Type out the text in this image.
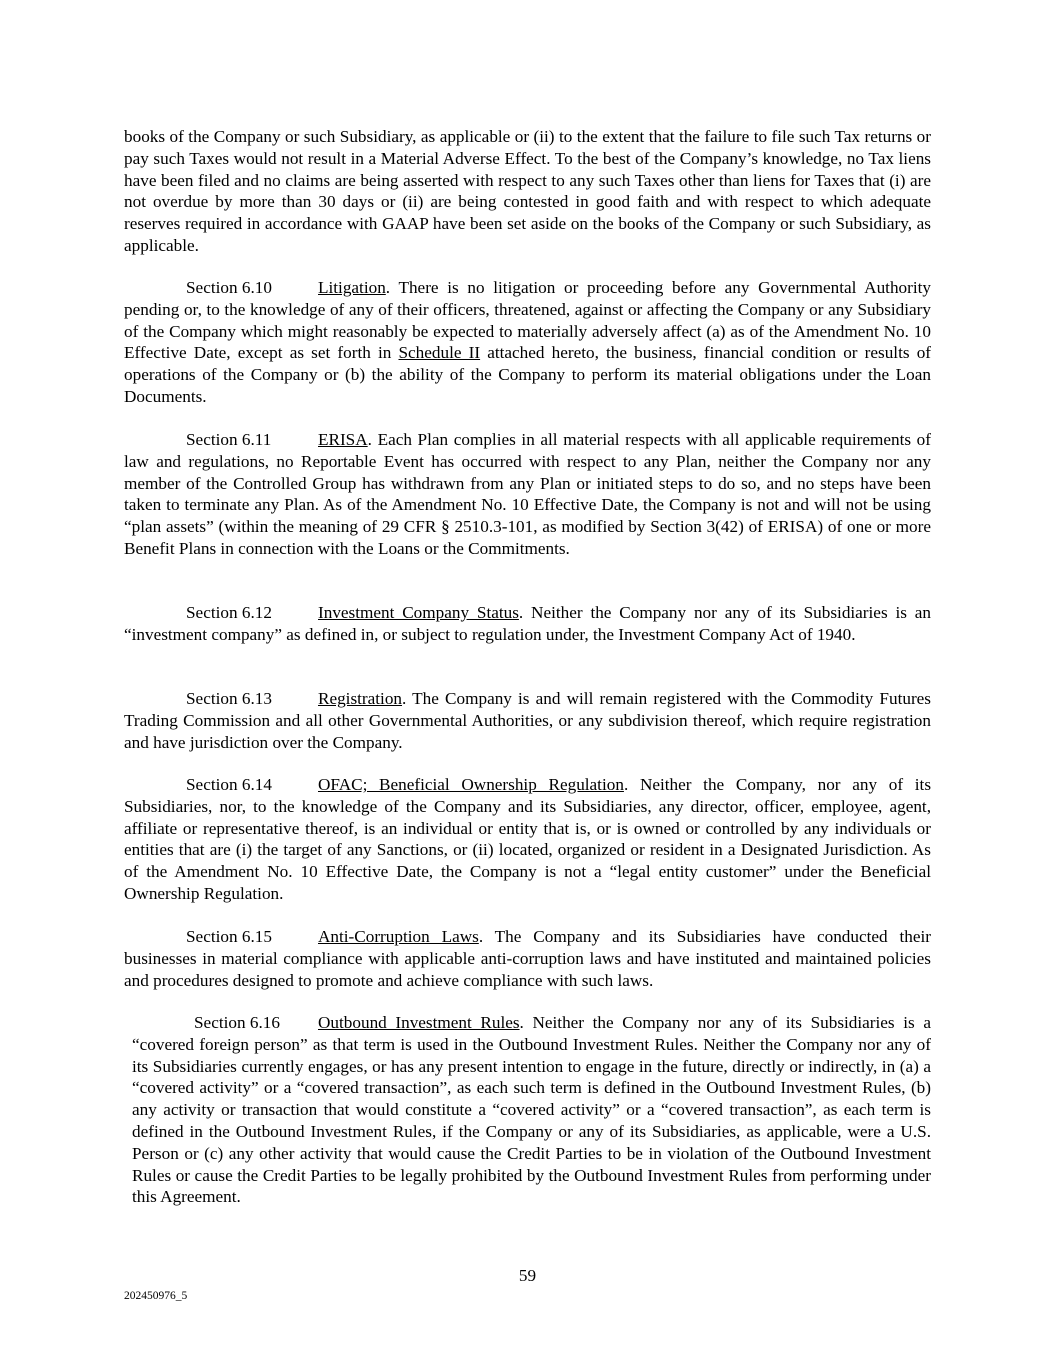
books of the Company or such Subsidiary, as applicable or (ii) to the extent that the failure to file such Tax returns or pay such Taxes would not result in a Material Adverse Effect. To the best of the Company’s knowledge, no Tax liens have been filed and no claims are being asserted with respect to any such Taxes other than liens for Taxes that (i) are not overdue by more than 30 days or (ii) are being contested in good faith and with respect to which adequate reserves required in accordance with GAAP have been set aside on the books of the Company or such Subsidiary, as applicable.

Section 6.10	Litigation. There is no litigation or proceeding before any Governmental Authority pending or, to the knowledge of any of their officers, threatened, against or affecting the Company or any Subsidiary of the Company which might reasonably be expected to materially adversely affect (a) as of the Amendment No. 10 Effective Date, except as set forth in Schedule II attached hereto, the business, financial condition or results of operations of the Company or (b) the ability of the Company to perform its material obligations under the Loan Documents.

Section 6.11	ERISA. Each Plan complies in all material respects with all applicable requirements of law and regulations, no Reportable Event has occurred with respect to any Plan, neither the Company nor any member of the Controlled Group has withdrawn from any Plan or initiated steps to do so, and no steps have been taken to terminate any Plan. As of the Amendment No. 10 Effective Date, the Company is not and will not be using “plan assets” (within the meaning of 29 CFR § 2510.3-101, as modified by Section 3(42) of ERISA) of one or more Benefit Plans in connection with the Loans or the Commitments.

Section 6.12	Investment Company Status. Neither the Company nor any of its Subsidiaries is an “investment company” as defined in, or subject to regulation under, the Investment Company Act of 1940.

Section 6.13	Registration. The Company is and will remain registered with the Commodity Futures Trading Commission and all other Governmental Authorities, or any subdivision thereof, which require registration and have jurisdiction over the Company.

Section 6.14	OFAC; Beneficial Ownership Regulation. Neither the Company, nor any of its Subsidiaries, nor, to the knowledge of the Company and its Subsidiaries, any director, officer, employee, agent, affiliate or representative thereof, is an individual or entity that is, or is owned or controlled by any individuals or entities that are (i) the target of any Sanctions, or (ii) located, organized or resident in a Designated Jurisdiction. As of the Amendment No. 10 Effective Date, the Company is not a “legal entity customer” under the Beneficial Ownership Regulation.

Section 6.15	Anti-Corruption Laws. The Company and its Subsidiaries have conducted their businesses in material compliance with applicable anti-corruption laws and have instituted and maintained policies and procedures designed to promote and achieve compliance with such laws.

Section 6.16 Outbound Investment Rules. Neither the Company nor any of its Subsidiaries is a “covered foreign person” as that term is used in the Outbound Investment Rules. Neither the Company nor any of its Subsidiaries currently engages, or has any present intention to engage in the future, directly or indirectly, in (a) a “covered activity” or a “covered transaction”, as each such term is defined in the Outbound Investment Rules, (b) any activity or transaction that would constitute a “covered activity” or a “covered transaction”, as each term is defined in the Outbound Investment Rules, if the Company or any of its Subsidiaries, as applicable, were a U.S. Person or (c) any other activity that would cause the Credit Parties to be in violation of the Outbound Investment Rules or cause the Credit Parties to be legally prohibited by the Outbound Investment Rules from performing under this Agreement.

59
202450976_5
